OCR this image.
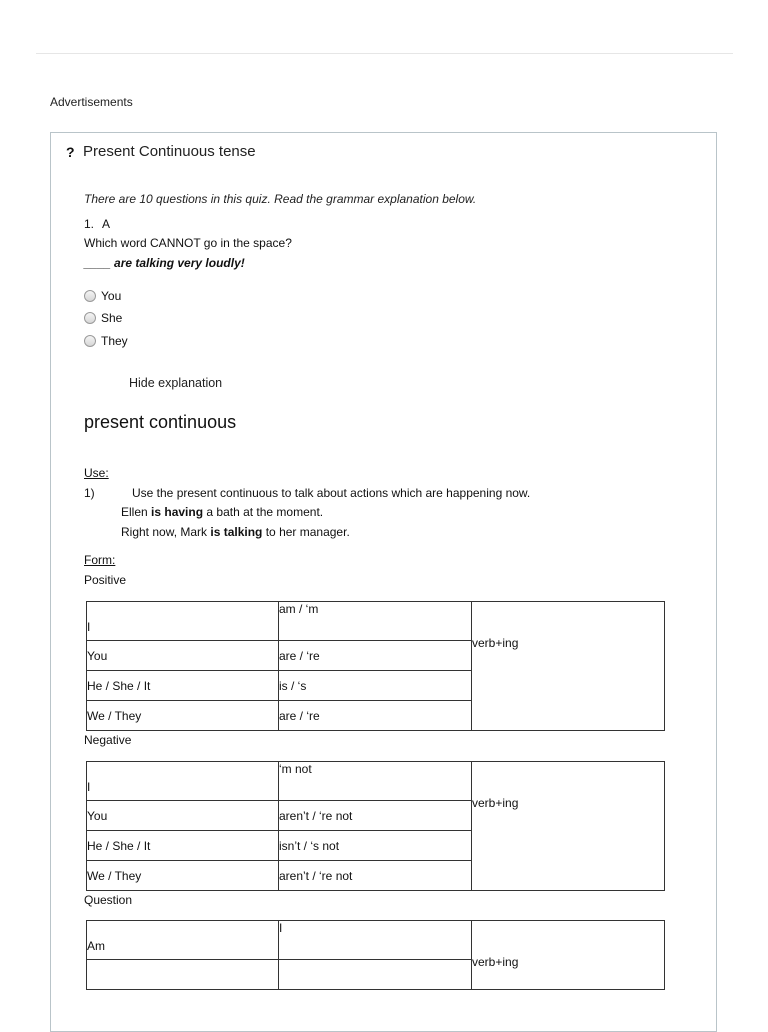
Advertisements
? Present Continuous tense
There are 10 questions in this quiz. Read the grammar explanation below.
1. A
Which word CANNOT go in the space?
____ are talking very loudly!
You
She
They
Hide explanation
present continuous
Use:
1)	Use the present continuous to talk about actions which are happening now.
Ellen is having a bath at the moment.
Right now, Mark is talking to her manager.
Form:
Positive
I	am / ‘m	verb+ing
You	are / ‘re	
He / She / It	is / ‘s	
We / They	are / ‘re	
Negative
I	‘m not	verb+ing
You	aren’t / ‘re not	
He / She / It	isn’t / ‘s not	
We / They	aren’t / ‘re not	
Question
Am	I	verb+ing
